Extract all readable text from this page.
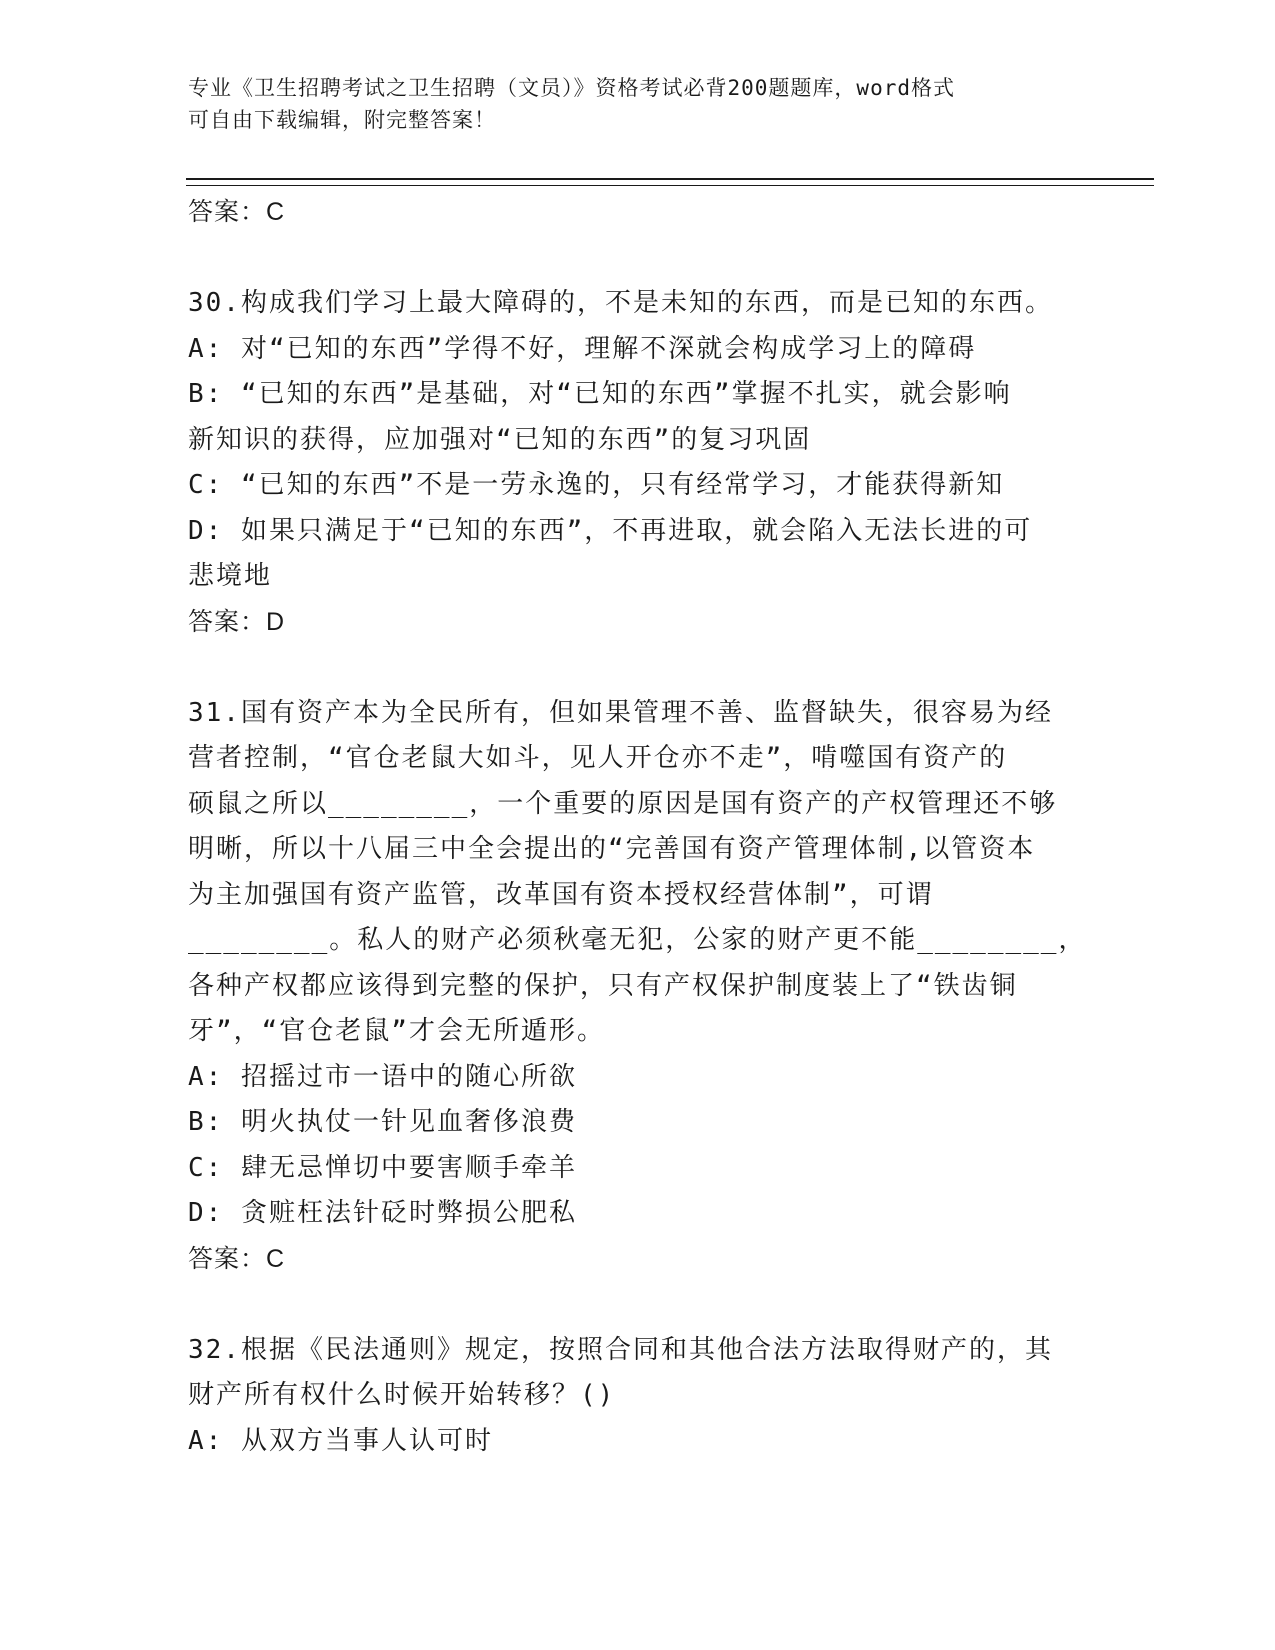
专业《卫生招聘考试之卫生招聘（文员）》资格考试必背200题题库，word格式
可自由下载编辑，附完整答案！
答案：C
30.构成我们学习上最大障碍的，不是未知的东西，而是已知的东西。
A: 对“已知的东西”学得不好，理解不深就会构成学习上的障碍
B: “已知的东西”是基础，对“已知的东西”掌握不扎实，就会影响
新知识的获得，应加强对“已知的东西”的复习巩固
C: “已知的东西”不是一劳永逸的，只有经常学习，才能获得新知
D: 如果只满足于“已知的东西”，不再进取，就会陷入无法长进的可
悲境地
答案：D
31.国有资产本为全民所有，但如果管理不善、监督缺失，很容易为经
营者控制，“官仓老鼠大如斗，见人开仓亦不走”，啃噬国有资产的
硕鼠之所以________，一个重要的原因是国有资产的产权管理还不够
明晰，所以十八届三中全会提出的“完善国有资产管理体制,以管资本
为主加强国有资产监管，改革国有资本授权经营体制”，可谓
________。私人的财产必须秋毫无犯，公家的财产更不能________，
各种产权都应该得到完整的保护，只有产权保护制度装上了“铁齿铜
牙”，“官仓老鼠”才会无所遁形。
A: 招摇过市一语中的随心所欲
B: 明火执仗一针见血奢侈浪费
C: 肆无忌惮切中要害顺手牵羊
D: 贪赃枉法针砭时弊损公肥私
答案：C
32.根据《民法通则》规定，按照合同和其他合法方法取得财产的，其
财产所有权什么时候开始转移？()
A: 从双方当事人认可时
